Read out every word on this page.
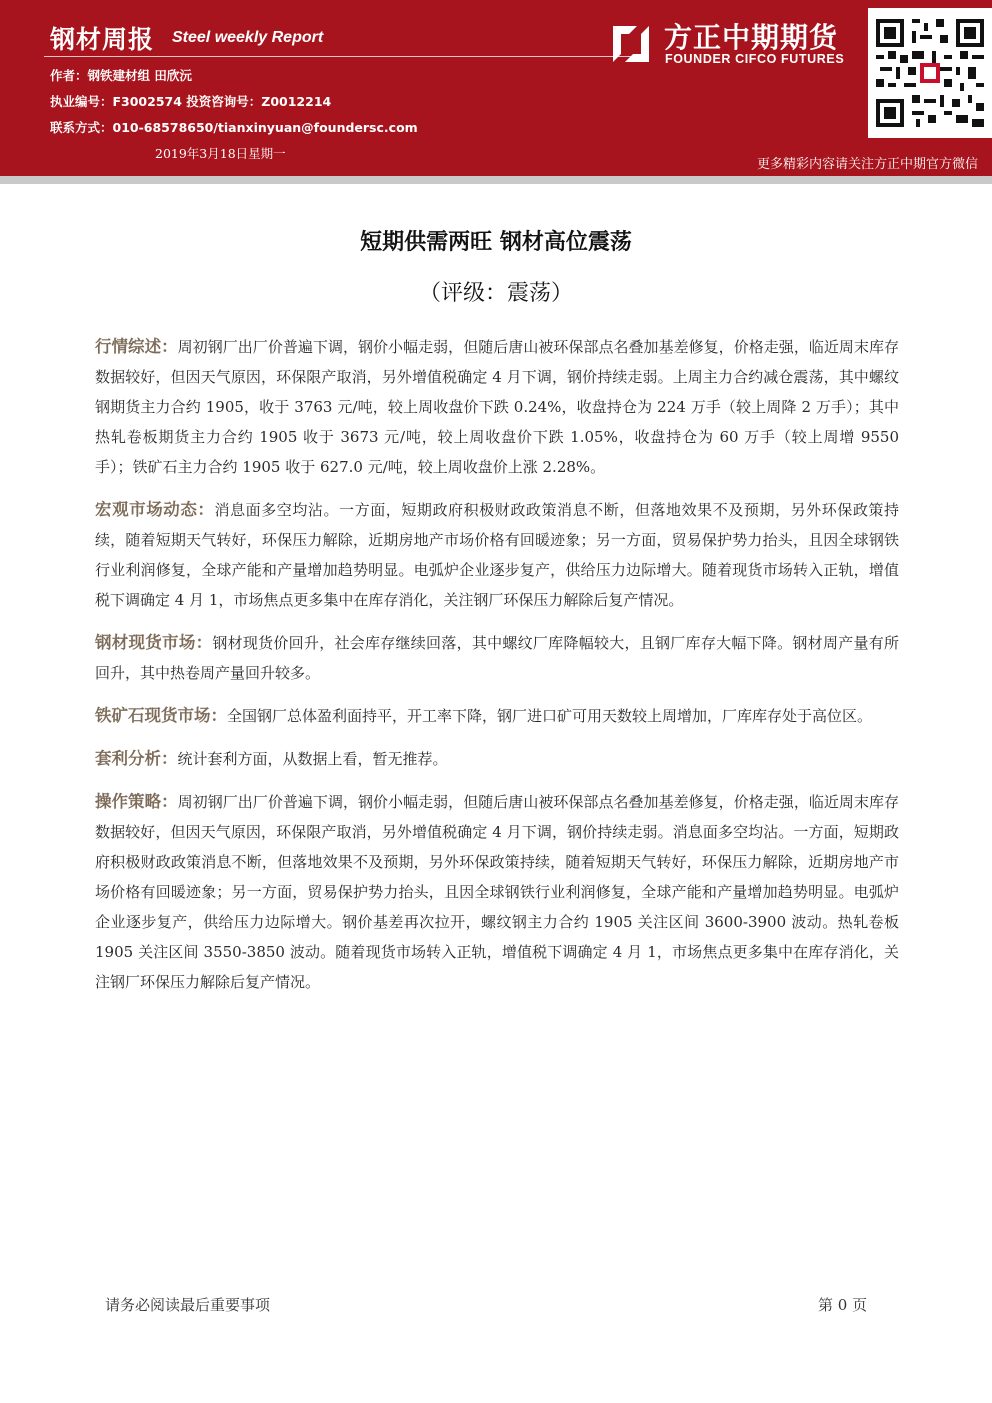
钢材周报 Steel weekly Report
作者：钢铁建材组 田欣沅
执业编号：F3002574 投资咨询号：Z0012214
联系方式：010-68578650/tianxinyuan@foundersc.com
2019年3月18日星期一
方正中期期货
FOUNDER CIFCO FUTURES
更多精彩内容请关注方正中期官方微信
短期供需两旺 钢材高位震荡
（评级：震荡）

行情综述：周初钢厂出厂价普遍下调，钢价小幅走弱，但随后唐山被环保部点名叠加基差修复，价格走强，临近周末库存数据较好，但因天气原因，环保限产取消，另外增值税确定 4 月下调，钢价持续走弱。上周主力合约减仓震荡，其中螺纹钢期货主力合约 1905，收于 3763 元/吨，较上周收盘价下跌 0.24%，收盘持仓为 224 万手（较上周降 2 万手）；其中热轧卷板期货主力合约 1905 收于 3673 元/吨，较上周收盘价下跌 1.05%，收盘持仓为 60 万手（较上周增 9550 手）；铁矿石主力合约 1905 收于 627.0 元/吨，较上周收盘价上涨 2.28%。

宏观市场动态：消息面多空均沾。一方面，短期政府积极财政政策消息不断，但落地效果不及预期，另外环保政策持续，随着短期天气转好，环保压力解除，近期房地产市场价格有回暖迹象；另一方面，贸易保护势力抬头，且因全球钢铁行业利润修复，全球产能和产量增加趋势明显。电弧炉企业逐步复产，供给压力边际增大。随着现货市场转入正轨，增值税下调确定 4 月 1，市场焦点更多集中在库存消化，关注钢厂环保压力解除后复产情况。

钢材现货市场：钢材现货价回升，社会库存继续回落，其中螺纹厂库降幅较大，且钢厂库存大幅下降。钢材周产量有所回升，其中热卷周产量回升较多。

铁矿石现货市场：全国钢厂总体盈利面持平，开工率下降，钢厂进口矿可用天数较上周增加，厂库库存处于高位区。

套利分析：统计套利方面，从数据上看，暂无推荐。

操作策略：周初钢厂出厂价普遍下调，钢价小幅走弱，但随后唐山被环保部点名叠加基差修复，价格走强，临近周末库存数据较好，但因天气原因，环保限产取消，另外增值税确定 4 月下调，钢价持续走弱。消息面多空均沾。一方面，短期政府积极财政政策消息不断，但落地效果不及预期，另外环保政策持续，随着短期天气转好，环保压力解除，近期房地产市场价格有回暖迹象；另一方面，贸易保护势力抬头，且因全球钢铁行业利润修复，全球产能和产量增加趋势明显。电弧炉企业逐步复产，供给压力边际增大。钢价基差再次拉开，螺纹钢主力合约 1905 关注区间 3600-3900 波动。热轧卷板 1905 关注区间 3550-3850 波动。随着现货市场转入正轨，增值税下调确定 4 月 1，市场焦点更多集中在库存消化，关注钢厂环保压力解除后复产情况。

请务必阅读最后重要事项	第 0 页
